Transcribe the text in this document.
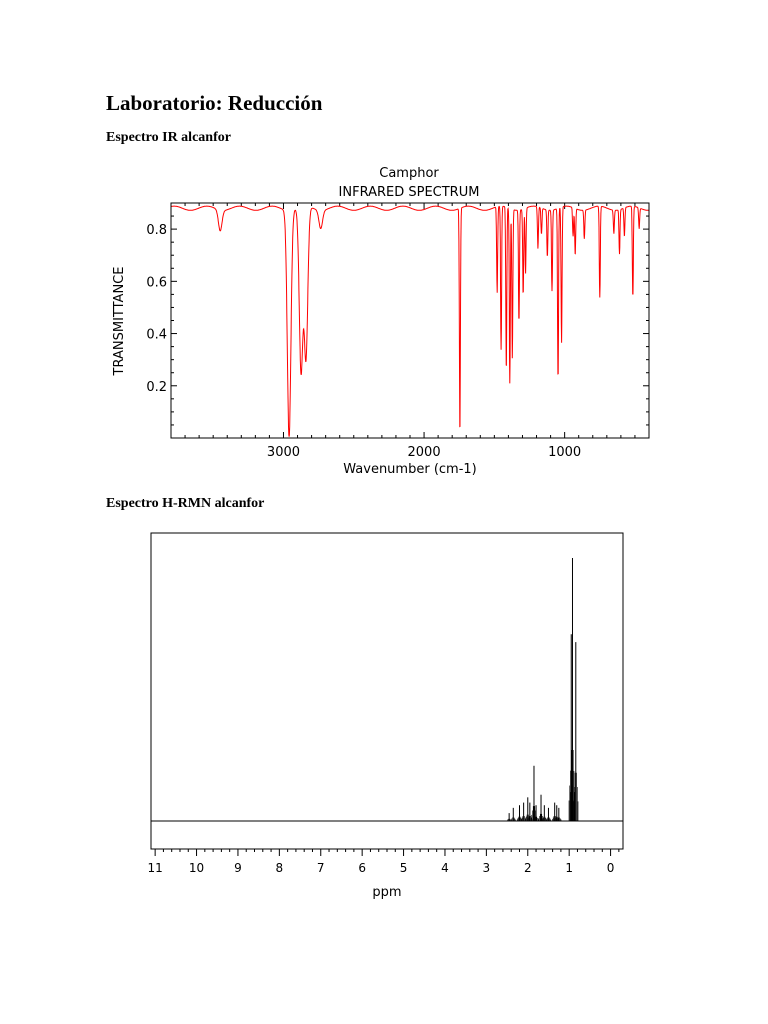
Laboratorio: Reducción
Espectro IR alcanfor
Camphor
INFRARED SPECTRUM
3000	2000	1000
0.2
0.4
0.6
0.8
Wavenumber (cm-1)
TRANSMITTANCE
Espectro H-RMN alcanfor
11 10 9	8	7	6	5	4	3	2	1	0
ppm
